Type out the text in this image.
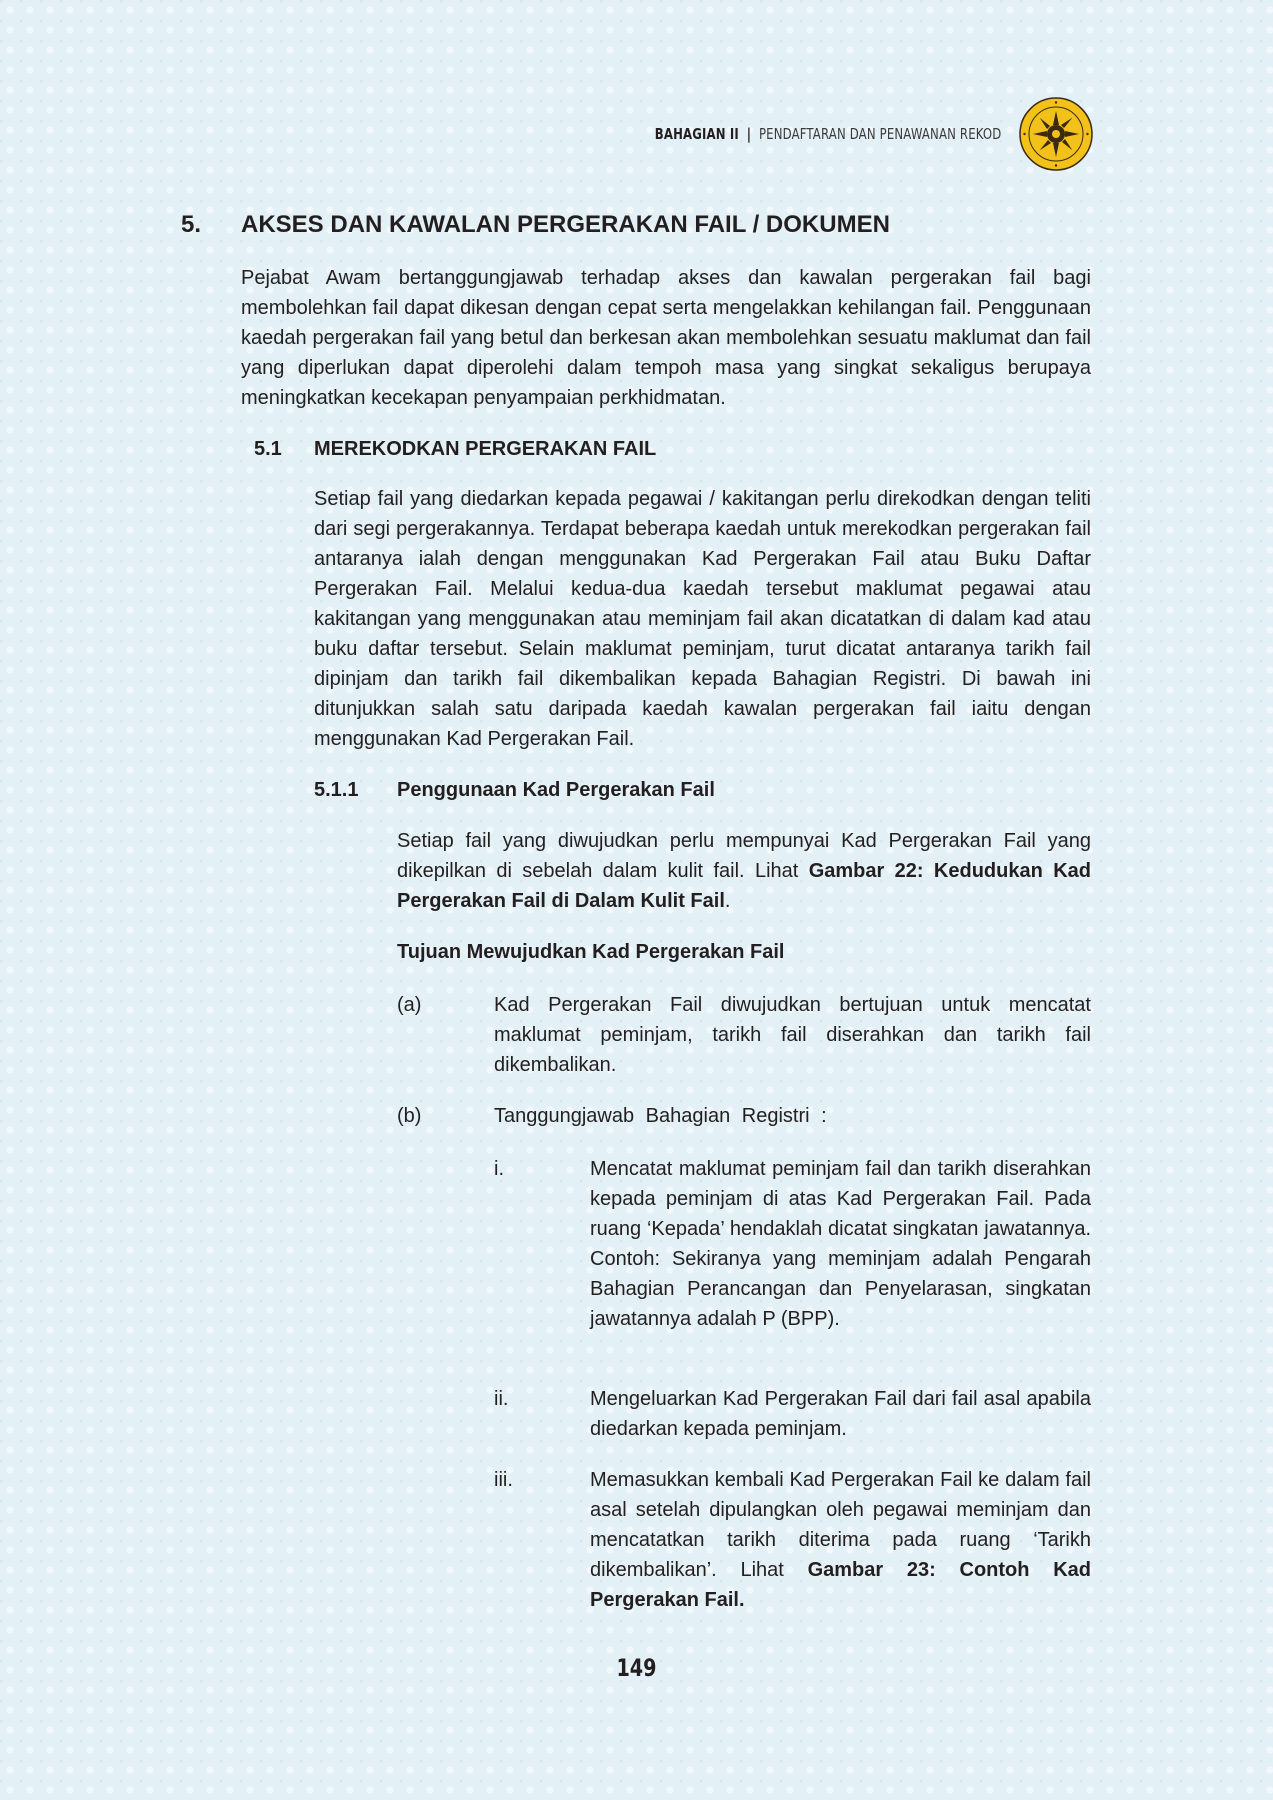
BAHAGIAN II | PENDAFTARAN DAN PENAWANAN REKOD
5. AKSES DAN KAWALAN PERGERAKAN FAIL / DOKUMEN

Pejabat Awam bertanggungjawab terhadap akses dan kawalan pergerakan fail bagi membolehkan fail dapat dikesan dengan cepat serta mengelakkan kehilangan fail. Penggunaan kaedah pergerakan fail yang betul dan berkesan akan membolehkan sesuatu maklumat dan fail yang diperlukan dapat diperolehi dalam tempoh masa yang singkat sekaligus berupaya meningkatkan kecekapan penyampaian perkhidmatan.

5.1 MEREKODKAN PERGERAKAN FAIL

Setiap fail yang diedarkan kepada pegawai / kakitangan perlu direkodkan dengan teliti dari segi pergerakannya. Terdapat beberapa kaedah untuk merekodkan pergerakan fail antaranya ialah dengan menggunakan Kad Pergerakan Fail atau Buku Daftar Pergerakan Fail. Melalui kedua-dua kaedah tersebut maklumat pegawai atau kakitangan yang menggunakan atau meminjam fail akan dicatatkan di dalam kad atau buku daftar tersebut. Selain maklumat peminjam, turut dicatat antaranya tarikh fail dipinjam dan tarikh fail dikembalikan kepada Bahagian Registri. Di bawah ini ditunjukkan salah satu daripada kaedah kawalan pergerakan fail iaitu dengan menggunakan Kad Pergerakan Fail.

5.1.1 Penggunaan Kad Pergerakan Fail

Setiap fail yang diwujudkan perlu mempunyai Kad Pergerakan Fail yang dikepilkan di sebelah dalam kulit fail. Lihat Gambar 22: Kedudukan Kad Pergerakan Fail di Dalam Kulit Fail.

Tujuan Mewujudkan Kad Pergerakan Fail
(a)	Kad Pergerakan Fail diwujudkan bertujuan untuk mencatat maklumat peminjam, tarikh fail diserahkan dan tarikh fail dikembalikan.

(b)	Tanggungjawab Bahagian Registri :
i.	Mencatat maklumat peminjam fail dan tarikh diserahkan kepada peminjam di atas Kad Pergerakan Fail. Pada ruang ‘Kepada’ hendaklah dicatat singkatan jawatannya. Contoh: Sekiranya yang meminjam adalah Pengarah Bahagian Perancangan dan Penyelarasan, singkatan jawatannya adalah P (BPP).

ii.	Mengeluarkan Kad Pergerakan Fail dari fail asal apabila diedarkan kepada peminjam.

iii.	Memasukkan kembali Kad Pergerakan Fail ke dalam fail asal setelah dipulangkan oleh pegawai meminjam dan mencatatkan tarikh diterima pada ruang ‘Tarikh dikembalikan’. Lihat Gambar 23: Contoh Kad Pergerakan Fail.

149
